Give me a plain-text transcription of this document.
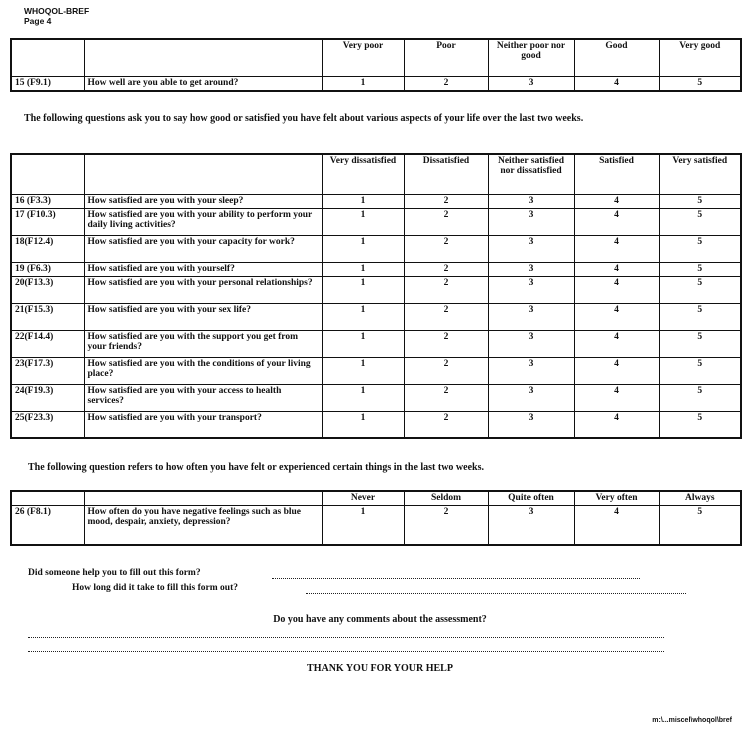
WHOQOL-BREF
Page 4
		Very poor	Poor	Neither poor nor good	Good	Very good
15 (F9.1)	How well are you able to get around?	1	2	3	4	5
The following questions ask you to say how good or satisfied you have felt about various aspects of your life over the last two weeks.
		Very dissatisfied	Dissatisfied	Neither satisfied nor dissatisfied	Satisfied	Very satisfied
16 (F3.3)	How satisfied are you with your sleep?	1	2	3	4	5
17 (F10.3)	How satisfied are you with your ability to perform your daily living activities?	1	2	3	4	5
18(F12.4)	How satisfied are you with your capacity for work?	1	2	3	4	5
19 (F6.3)	How satisfied are you with yourself?	1	2	3	4	5
20(F13.3)	How satisfied are you with your personal relationships?	1	2	3	4	5
21(F15.3)	How satisfied are you with your sex life?	1	2	3	4	5
22(F14.4)	How satisfied are you with the support you get from your friends?	1	2	3	4	5
23(F17.3)	How satisfied are you with the conditions of your living place?	1	2	3	4	5
24(F19.3)	How satisfied are you with your access to health services?	1	2	3	4	5
25(F23.3)	How satisfied are you with your transport?	1	2	3	4	5
The following question refers to how often you have felt or experienced certain things in the last two weeks.
		Never	Seldom	Quite often	Very often	Always
26 (F8.1)	How often do you have negative feelings such as blue mood, despair, anxiety, depression?	1	2	3	4	5
Did someone help you to fill out this form?
How long did it take to fill this form out?
Do you have any comments about the assessment?
THANK YOU FOR YOUR HELP
m:\...miscel\whoqol\bref
